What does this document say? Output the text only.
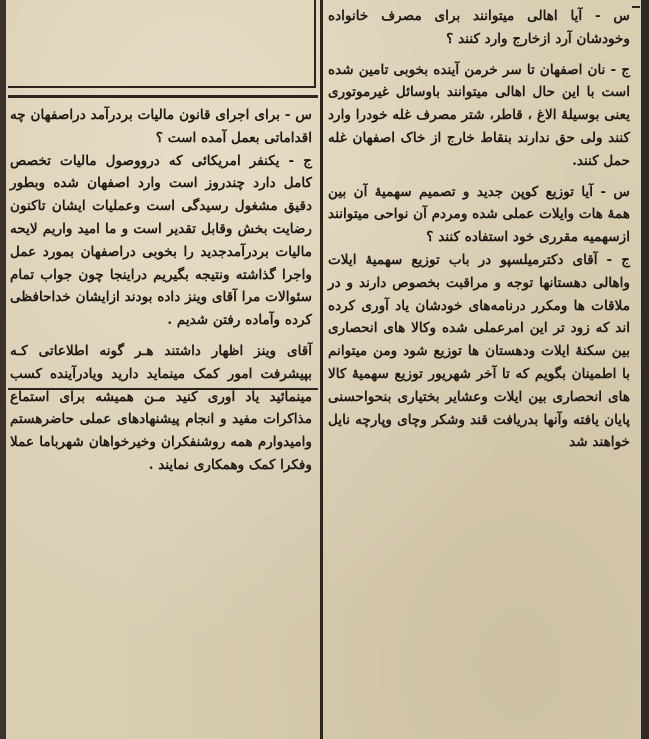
س - آیا اهالی میتوانند برای مصرف خانواده وخودشان آرد ازخارج وارد کنند ؟

ج - نان اصفهان تا سر خرمن آینده بخوبی تامین شده است با این حال اهالی میتوانند باوسائل غیرموتوری یعنی بوسیلهٔ الاغ ، قاطر، شتر مصرف غله خودرا وارد کنند ولی حق ندارند بنقاط خارج از خاک اصفهان غله حمل کنند.

س - آیا توزیع کوپن جدید و تصمیم سهمیهٔ آن بین همهٔ هات وایلات عملی شده ومردم آن نواحی میتوانند ازسهمیه مقرری خود استفاده کنند ؟

ج - آقای دکترمیلسپو در باب توزیع سهمیهٔ ایلات واهالی دهستانها توجه و مراقبت بخصوص دارند و در ملاقات ها ومکرر درنامه‌های خودشان یاد آوری کرده اند که زود تر این امرعملی شده وکالا های انحصاری بین سکنهٔ ایلات ودهستان ها توزیع شود ومن میتوانم با اطمینان بگویم که تا آخر شهریور توزیع سهمیهٔ کالا های انحصاری بین ایلات وعشایر بختیاری بنحواحسنی پایان یافته وآنها بدریافت قند وشکر وچای وپارچه نایل خواهند شد

س - برای اجرای قانون مالیات بردرآمد دراصفهان چه اقداماتی بعمل آمده است ؟

ج - یکنفر امریکائی که درووصول مالیات تخصص کامل دارد چندروز است وارد اصفهان شده وبطور دقیق مشغول رسیدگی است وعملیات ایشان تاکنون رضایت بخش وقابل تقدیر است و ما امید واریم لایحه مالیات بردرآمدجدید را بخوبی دراصفهان بمورد عمل واجرا گذاشته ونتیجه بگیریم دراینجا چون جواب تمام سئوالات مرا آقای وینز داده بودند ازایشان خداحافظی کرده وآماده رفتن شدیم .

آقای وینز اظهار داشتند هـر گونه اطلاعاتی کـه بپیشرفت امور کمک مینماید دارید ویادرآینده کسب مینمائید یاد آوری کنید مـن همیشه برای استماع مذاکرات مفید و انجام پیشنهادهای عملی حاضرهستم وامیدوارم همه روشنفکران وخیرخواهان شهرباما عملا وفکرا کمک وهمکاری نمایند .
